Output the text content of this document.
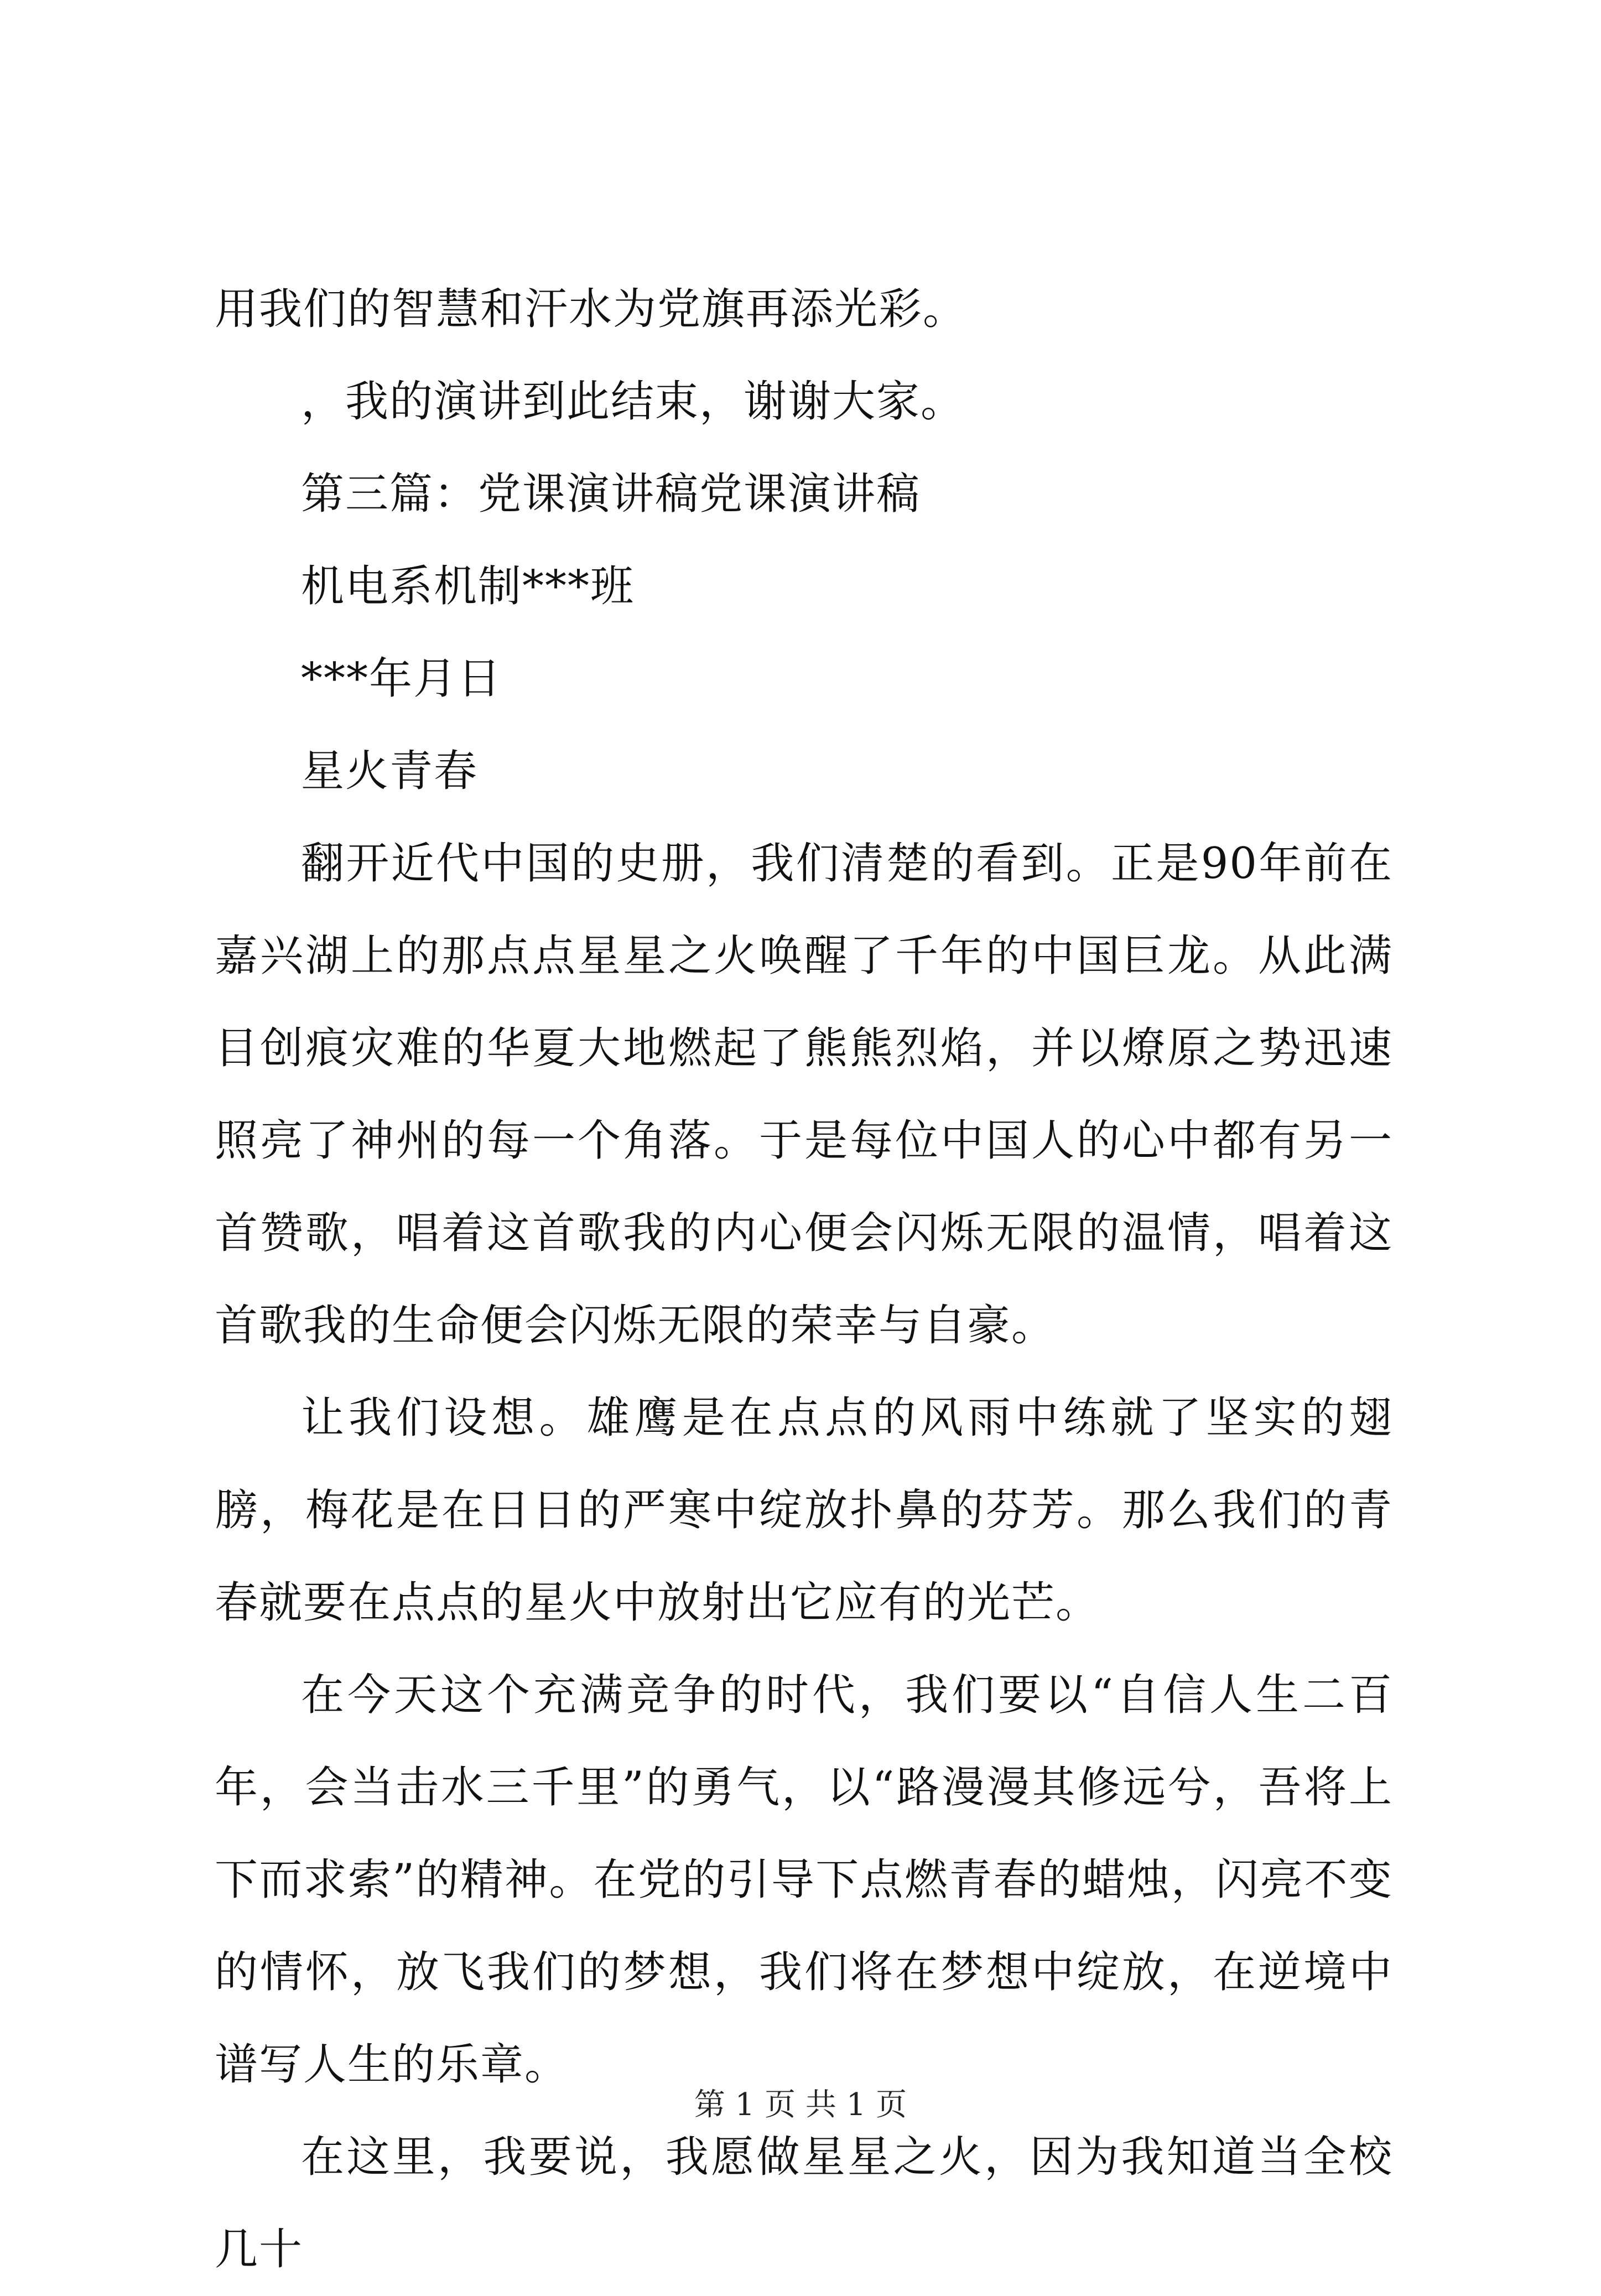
用我们的智慧和汗水为党旗再添光彩。
，我的演讲到此结束，谢谢大家。
第三篇：党课演讲稿党课演讲稿
机电系机制***班
***年月日
星火青春

翻开近代中国的史册，我们清楚的看到。正是90年前在嘉兴湖上的那点点星星之火唤醒了千年的中国巨龙。从此满目创痕灾难的华夏大地燃起了熊熊烈焰，并以燎原之势迅速照亮了神州的每一个角落。于是每位中国人的心中都有另一首赞歌，唱着这首歌我的内心便会闪烁无限的温情，唱着这首歌我的生命便会闪烁无限的荣幸与自豪。

让我们设想。雄鹰是在点点的风雨中练就了坚实的翅膀，梅花是在日日的严寒中绽放扑鼻的芬芳。那么我们的青春就要在点点的星火中放射出它应有的光芒。

在今天这个充满竞争的时代，我们要以“自信人生二百年，会当击水三千里”的勇气，以“路漫漫其修远兮，吾将上下而求索”的精神。在党的引导下点燃青春的蜡烛，闪亮不变的情怀，放飞我们的梦想，我们将在梦想中绽放，在逆境中谱写人生的乐章。

在这里，我要说，我愿做星星之火，因为我知道当全校几十

第 1 页 共 1 页
